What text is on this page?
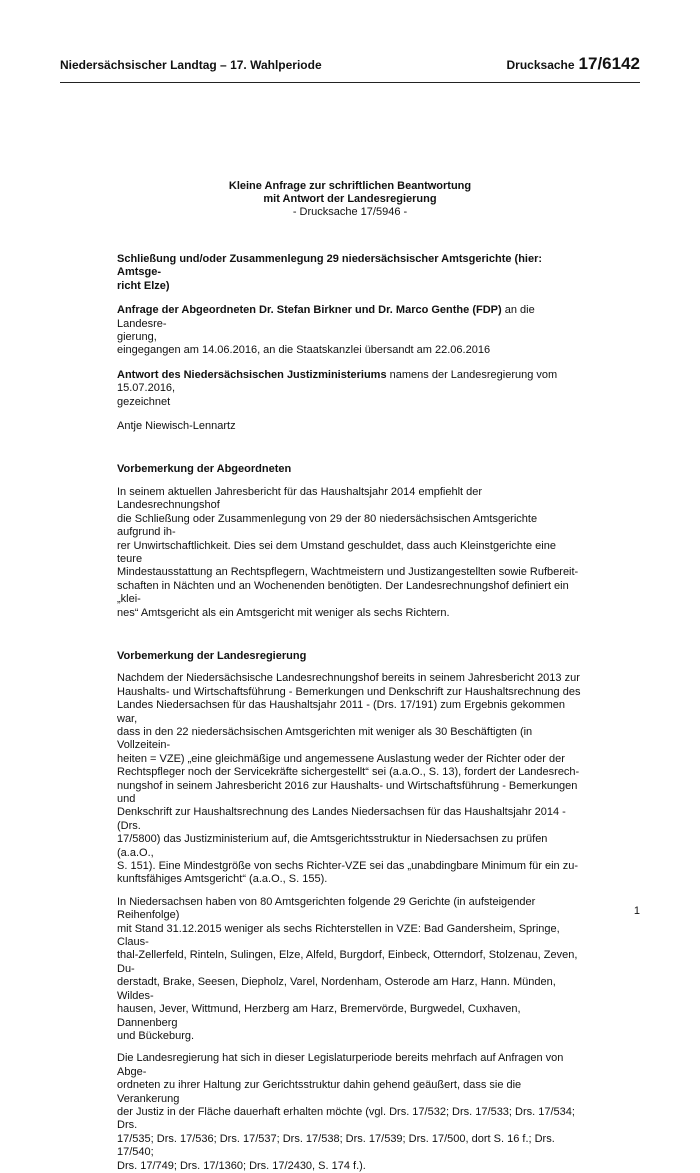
Niedersächsischer Landtag – 17. Wahlperiode	Drucksache 17/6142
Kleine Anfrage zur schriftlichen Beantwortung
mit Antwort der Landesregierung
- Drucksache 17/5946 -

Schließung und/oder Zusammenlegung 29 niedersächsischer Amtsgerichte (hier: Amtsge-
richt Elze)

Anfrage der Abgeordneten Dr. Stefan Birkner und Dr. Marco Genthe (FDP) an die Landesre-
gierung,
eingegangen am 14.06.2016, an die Staatskanzlei übersandt am 22.06.2016

Antwort des Niedersächsischen Justizministeriums namens der Landesregierung vom
15.07.2016,
gezeichnet

Antje Niewisch-Lennartz

Vorbemerkung der Abgeordneten

In seinem aktuellen Jahresbericht für das Haushaltsjahr 2014 empfiehlt der Landesrechnungshof
die Schließung oder Zusammenlegung von 29 der 80 niedersächsischen Amtsgerichte aufgrund ih-
rer Unwirtschaftlichkeit. Dies sei dem Umstand geschuldet, dass auch Kleinstgerichte eine teure
Mindestausstattung an Rechtspflegern, Wachtmeistern und Justizangestellten sowie Rufbereit-
schaften in Nächten und an Wochenenden benötigten. Der Landesrechnungshof definiert ein „klei-
nes“ Amtsgericht als ein Amtsgericht mit weniger als sechs Richtern.

Vorbemerkung der Landesregierung

Nachdem der Niedersächsische Landesrechnungshof bereits in seinem Jahresbericht 2013 zur
Haushalts- und Wirtschaftsführung - Bemerkungen und Denkschrift zur Haushaltsrechnung des
Landes Niedersachsen für das Haushaltsjahr 2011 - (Drs. 17/191) zum Ergebnis gekommen war,
dass in den 22 niedersächsischen Amtsgerichten mit weniger als 30 Beschäftigten (in Vollzeitein-
heiten = VZE) „eine gleichmäßige und angemessene Auslastung weder der Richter oder der
Rechtspfleger noch der Servicekräfte sichergestellt“ sei (a.a.O., S. 13), fordert der Landesrech-
nungshof in seinem Jahresbericht 2016 zur Haushalts- und Wirtschaftsführung - Bemerkungen und
Denkschrift zur Haushaltsrechnung des Landes Niedersachsen für das Haushaltsjahr 2014 - (Drs.
17/5800) das Justizministerium auf, die Amtsgerichtsstruktur in Niedersachsen zu prüfen (a.a.O.,
S. 151). Eine Mindestgröße von sechs Richter-VZE sei das „unabdingbare Minimum für ein zu-
kunftsfähiges Amtsgericht“ (a.a.O., S. 155).

In Niedersachsen haben von 80 Amtsgerichten folgende 29 Gerichte (in aufsteigender Reihenfolge)
mit Stand 31.12.2015 weniger als sechs Richterstellen in VZE: Bad Gandersheim, Springe, Claus-
thal-Zellerfeld, Rinteln, Sulingen, Elze, Alfeld, Burgdorf, Einbeck, Otterndorf, Stolzenau, Zeven, Du-
derstadt, Brake, Seesen, Diepholz, Varel, Nordenham, Osterode am Harz, Hann. Münden, Wildes-
hausen, Jever, Wittmund, Herzberg am Harz, Bremervörde, Burgwedel, Cuxhaven, Dannenberg
und Bückeburg.

Die Landesregierung hat sich in dieser Legislaturperiode bereits mehrfach auf Anfragen von Abge-
ordneten zu ihrer Haltung zur Gerichtsstruktur dahin gehend geäußert, dass sie die Verankerung
der Justiz in der Fläche dauerhaft erhalten möchte (vgl. Drs. 17/532; Drs. 17/533; Drs. 17/534; Drs.
17/535; Drs. 17/536; Drs. 17/537; Drs. 17/538; Drs. 17/539; Drs. 17/500, dort S. 16 f.; Drs. 17/540;
Drs. 17/749; Drs. 17/1360; Drs. 17/2430, S. 174 f.).

1
